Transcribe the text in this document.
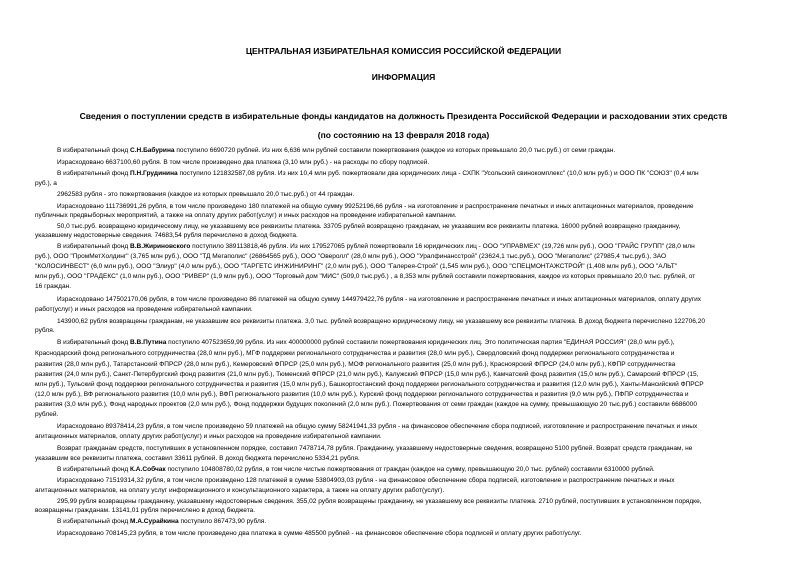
ЦЕНТРАЛЬНАЯ ИЗБИРАТЕЛЬНАЯ КОМИССИЯ РОССИЙСКОЙ ФЕДЕРАЦИИ
ИНФОРМАЦИЯ
Сведения о поступлении средств в избирательные фонды кандидатов на должность Президента Российской Федерации и расходовании этих средств
(по состоянию на 13 февраля 2018 года)
В избирательный фонд С.Н.Бабурина поступило 6690720 рублей. Из них 6,636 млн рублей составили пожертвования (каждое из которых превышало 20,0 тыс.руб.) от семи граждан.
Израсходовано 6637100,60 рубля. В том числе произведено два платежа (3,10 млн руб.) - на расходы по сбору подписей.
В избирательный фонд П.Н.Грудинина поступило 121832587,08 рубля. Из них 10,4 млн руб. пожертвовали два юридических лица - СХПК "Усольский свинокомплекс" (10,0 млн руб.) и ООО ПК "СОЮЗ" (0,4 млн
руб.), а
2962583 рубля - это пожертвования (каждое из которых превышало 20,0 тыс.руб.) от 44 граждан.
Израсходовано 111736991,26 рубля, в том числе произведено 180 платежей на общую сумму 99252196,66 рубля - на изготовление и распространение печатных и иных агитационных материалов, проведение
публичных предвыборных мероприятий, а также на оплату других работ(услуг) и иных расходов на проведение избирательной кампании.
50,0 тыс.руб. возвращено юридическому лицу, не указавшему все реквизиты платежа. 33705 рублей возвращено гражданам, не указавшим все реквизиты платежа. 16000 рублей возвращено гражданину,
указавшему недостоверные сведения. 74683,54 рубля перечислено в доход бюджета.
В избирательный фонд В.В.Жириновского поступило 389113818,46 рубля. Из них 179527065 рублей пожертвовали 16 юридических лиц - ООО "УПРАВМЕХ" (19,726 млн руб.), ООО "ГРАЙС ГРУПП" (28,0 млн
руб.), ООО "ПромМетХолдинг" (3,765 млн руб.), ООО "ТД Мегаполис" (26864565 руб.), ООО "Оверолл" (28,0 млн руб.), ООО "Уралфинансстрой" (23624,1 тыс.руб.), ООО "Мегаполис" (27985,4 тыс.руб.), ЗАО
"КОЛОСИНВЕСТ" (6,0 млн руб.), ООО "Элиур" (4,0 млн руб.), ООО "ТАРГЕТС ИНЖИНИРИНГ" (2,0 млн руб.), ООО "Галерея-Строй" (1,545 млн руб.), ООО "СПЕЦМОНТАЖСТРОЙ" (1,408 млн руб.), ООО "АЛЬТ"
млн руб.), ООО "ГРАДЕКС" (1,0 млн руб.), ООО "РИВЕР" (1,9 млн руб.), ООО "Торговый дом "МИС" (509,0 тыс.руб.) , а 8,353 млн рублей составили пожертвования, каждое из которых превышало 20,0 тыс. рублей, от
16 граждан.
Израсходовано 147502170,06 рубля, в том числе произведено 86 платежей на общую сумму 144979422,76 рубля - на изготовление и распространение печатных и иных агитационных материалов, оплату других
работ(услуг) и иных расходов на проведение избирательной кампании.
143900,62 рубля возвращены гражданам, не указавшим все реквизиты платежа. 3,0 тыс. рублей возвращено юридическому лицу, не указавшему все реквизиты платежа. В доход бюджета перечислено 122706,20
рубля.
В избирательный фонд В.В.Путина поступило 407523659,99 рубля. Из них 400000000 рублей составили пожертвования юридических лиц. Это политическая партия "ЕДИНАЯ РОССИЯ" (28,0 млн руб.),
Краснодарский фонд регионального сотрудничества (28,0 млн руб.), МГФ поддержки регионального сотрудничества и развития (28,0 млн руб.), Свердловский фонд поддержки регионального сотрудничества и
развития (28,0 млн руб.), Татарстанский ФПРСР (28,0 млн руб.), Кемеровский ФПРСР (25,0 млн руб.), МОФ регионального развития (25,0 млн руб.), Красноярский ФПРСР (24,0 млн руб.), КФПР сотрудничества
развития (24,0 млн руб.), Санкт-Петербургский фонд развития (21,0 млн руб.), Тюменский ФПРСР (21,0 млн руб.), Калужский ФПРСР (15,0 млн руб.), Камчатский фонд развития (15,0 млн руб.), Самарский ФПРСР (15,
млн руб.), Тульский фонд поддержки регионального сотрудничества и развития (15,0 млн руб.), Башкортостанский фонд поддержки регионального сотрудничества и развития (12,0 млн руб.), Ханты-Мансийский ФПРСР
(12,0 млн руб.), ВФ регионального развития (10,0 млн руб.), ВФП регионального развития (10,0 млн руб.), Курский фонд поддержки регионального сотрудничества и развития (9,0 млн руб.), ПФПР сотрудничества и
развития (3,0 млн руб.), Фонд народных проектов (2,0 млн руб.), Фонд поддержки будущих поколений (2,0 млн руб.). Пожертвования от семи граждан (каждое на сумму, превышающую 20 тыс.руб.) составили 6686000
рублей.
Израсходовано 89378414,23 рубля, в том числе произведено 59 платежей на общую сумму 58241941,33 рубля - на финансовое обеспечение сбора подписей, изготовление и распространение печатных и иных
агитационных материалов, оплату других работ(услуг) и иных расходов на проведение избирательной кампании.
Возврат гражданам средств, поступивших в установленном порядке, составил 7478714,78 рубля. Гражданину, указавшему недостоверные сведения, возвращено 5100 рублей. Возврат средств гражданам, не
указавшим все реквизиты платежа, составил 33611 рублей. В доход бюджета перечислено 5334,21 рубля.
В избирательный фонд К.А.Собчак поступило 104808780,02 рубля, в том числе чистые пожертвования от граждан (каждое на сумму, превышающую 20,0 тыс. рублей) составили 6310000 рублей.
Израсходовано 71519314,32 рубля, в том числе произведено 128 платежей в сумме 53804903,03 рубля - на финансовое обеспечение сбора подписей, изготовление и распространение печатных и иных
агитационных материалов, на оплату услуг информационного и консультационного характера, а также на оплату других работ(услуг).
295,99 рубля возвращены гражданину, указавшему недостоверные сведения. 355,02 рубля возвращены гражданину, не указавшему все реквизиты платежа. 2710 рублей, поступивших в установленном порядке,
возвращены гражданам. 13141,01 рубля перечислено в доход бюджета.
В избирательный фонд М.А.Сурайкина поступило 867473,90 рубля.
Израсходовано 708145,23 рубля, в том числе произведено два платежа в сумме 485500 рублей - на финансовое обеспечение сбора подписей и оплату других работ/услуг.
